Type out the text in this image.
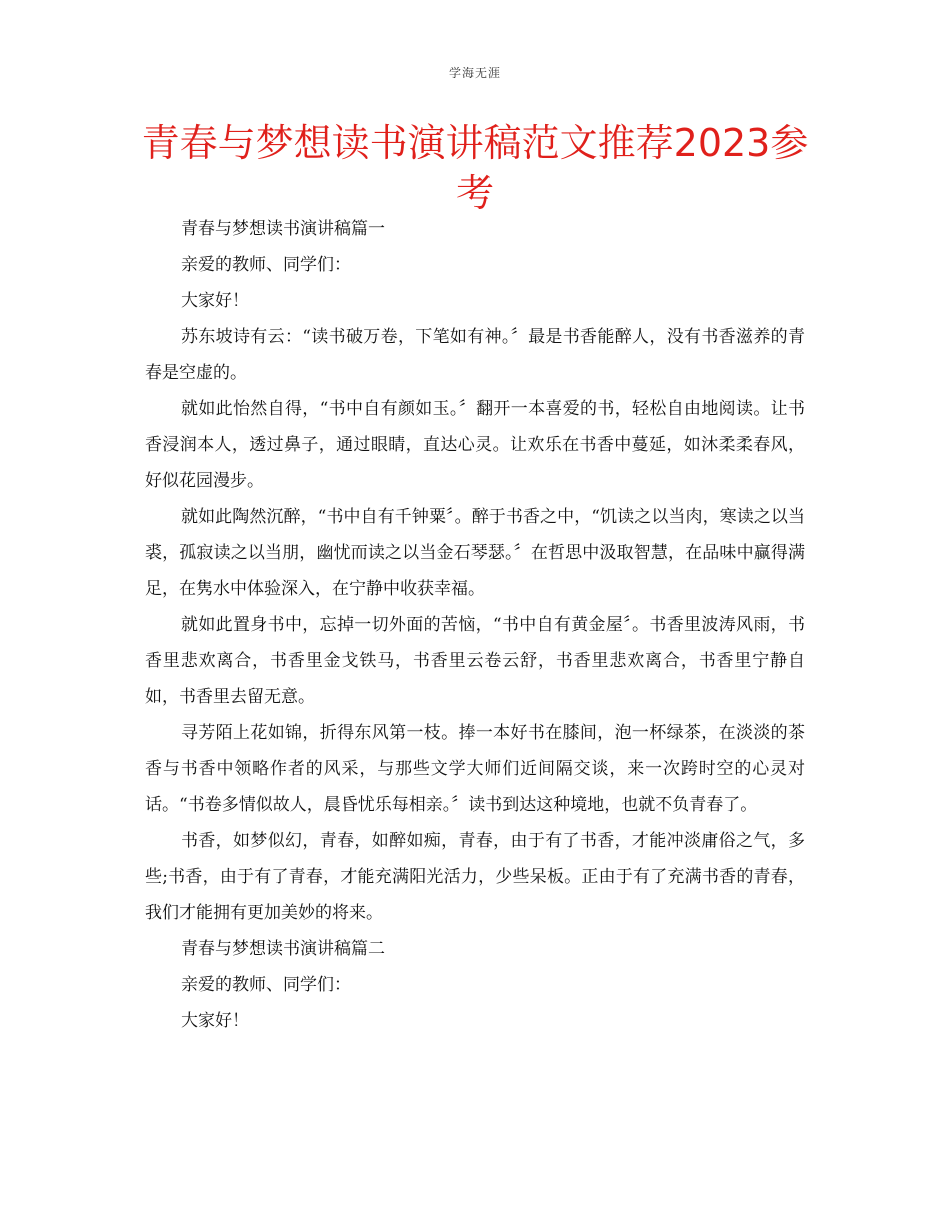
学海无涯
青春与梦想读书演讲稿范文推荐2023参考

青春与梦想读书演讲稿篇一

亲爱的教师、同学们：

大家好！

苏东坡诗有云：“读书破万卷，下笔如有神。〞最是书香能醉人，没有书香滋养的青春是空虚的。

就如此怡然自得，“书中自有颜如玉。〞翻开一本喜爱的书，轻松自由地阅读。让书香浸润本人，透过鼻子，通过眼睛，直达心灵。让欢乐在书香中蔓延，如沐柔柔春风，好似花园漫步。

就如此陶然沉醉，“书中自有千钟粟〞。醉于书香之中，“饥读之以当肉，寒读之以当裘，孤寂读之以当朋，幽忧而读之以当金石琴瑟。〞在哲思中汲取智慧，在品味中赢得满足，在隽水中体验深入，在宁静中收获幸福。

就如此置身书中，忘掉一切外面的苦恼，“书中自有黄金屋〞。书香里波涛风雨，书香里悲欢离合，书香里金戈铁马，书香里云卷云舒，书香里悲欢离合，书香里宁静自如，书香里去留无意。

寻芳陌上花如锦，折得东风第一枝。捧一本好书在膝间，泡一杯绿茶，在淡淡的茶香与书香中领略作者的风采，与那些文学大师们近间隔交谈，来一次跨时空的心灵对话。“书卷多情似故人，晨昏忧乐每相亲。〞读书到达这种境地，也就不负青春了。

书香，如梦似幻，青春，如醉如痴，青春，由于有了书香，才能冲淡庸俗之气，多些;书香，由于有了青春，才能充满阳光活力，少些呆板。正由于有了充满书香的青春，我们才能拥有更加美妙的将来。

青春与梦想读书演讲稿篇二

亲爱的教师、同学们：

大家好！
